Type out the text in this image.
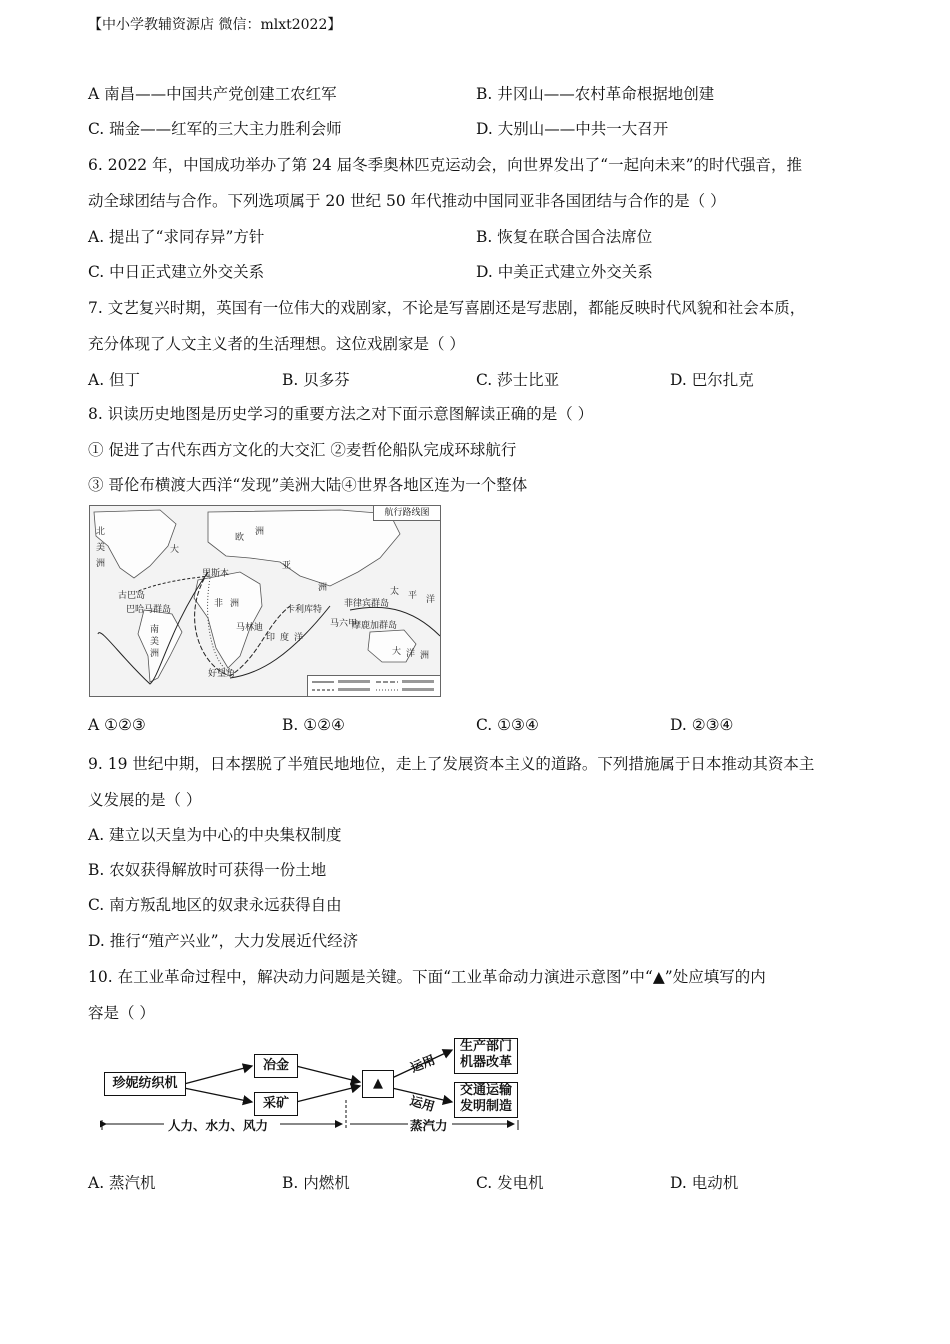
【中小学教辅资源店 微信：mlxt2022】
A 南昌——中国共产党创建工农红军	B. 井冈山——农村革命根据地创建
C. 瑞金——红军的三大主力胜利会师	D. 大别山——中共一大召开
6. 2022 年，中国成功举办了第 24 届冬季奥林匹克运动会，向世界发出了“一起向未来”的时代强音，推
动全球团结与合作。下列选项属于 20 世纪 50 年代推动中国同亚非各国团结与合作的是（ ）
A. 提出了“求同存异”方针	B. 恢复在联合国合法席位
C. 中日正式建立外交关系	D. 中美正式建立外交关系
7. 文艺复兴时期，英国有一位伟大的戏剧家，不论是写喜剧还是写悲剧，都能反映时代风貌和社会本质，
充分体现了人文主义者的生活理想。这位戏剧家是（ ）
A. 但丁	B. 贝多芬	C. 莎士比亚	D. 巴尔扎克
8. 识读历史地图是历史学习的重要方法之对下面示意图解读正确的是（ ）
① 促进了古代东西方文化的大交汇 ②麦哲伦船队完成环球航行
③ 哥伦布横渡大西洋“发现”美洲大陆④世界各地区连为一个整体
航行路线图
北
美
洲
大
欧
洲
亚
洲
非 洲
南
美
洲
太 平 洋
大 洋 洲
古巴岛
巴哈马群岛
马六甲
菲律宾群岛
摩鹿加群岛
好望角
马林迪
卡利库特
里斯本
印 度 洋
A ①②③	B. ①②④	C. ①③④	D. ②③④
9. 19 世纪中期，日本摆脱了半殖民地地位，走上了发展资本主义的道路。下列措施属于日本推动其资本主
义发展的是（ ）
A. 建立以天皇为中心的中央集权制度
B. 农奴获得解放时可获得一份土地
C. 南方叛乱地区的奴隶永远获得自由
D. 推行“殖产兴业”，大力发展近代经济
10. 在工业革命过程中，解决动力问题是关键。下面“工业革命动力演进示意图”中“▲”处应填写的内
容是（ ）
珍妮纺织机
冶金
采矿
▲
运用
运用
生产部门
机器改革
交通运输
发明制造
人力、水力、风力	蒸汽力
A. 蒸汽机	B. 内燃机	C. 发电机	D. 电动机
